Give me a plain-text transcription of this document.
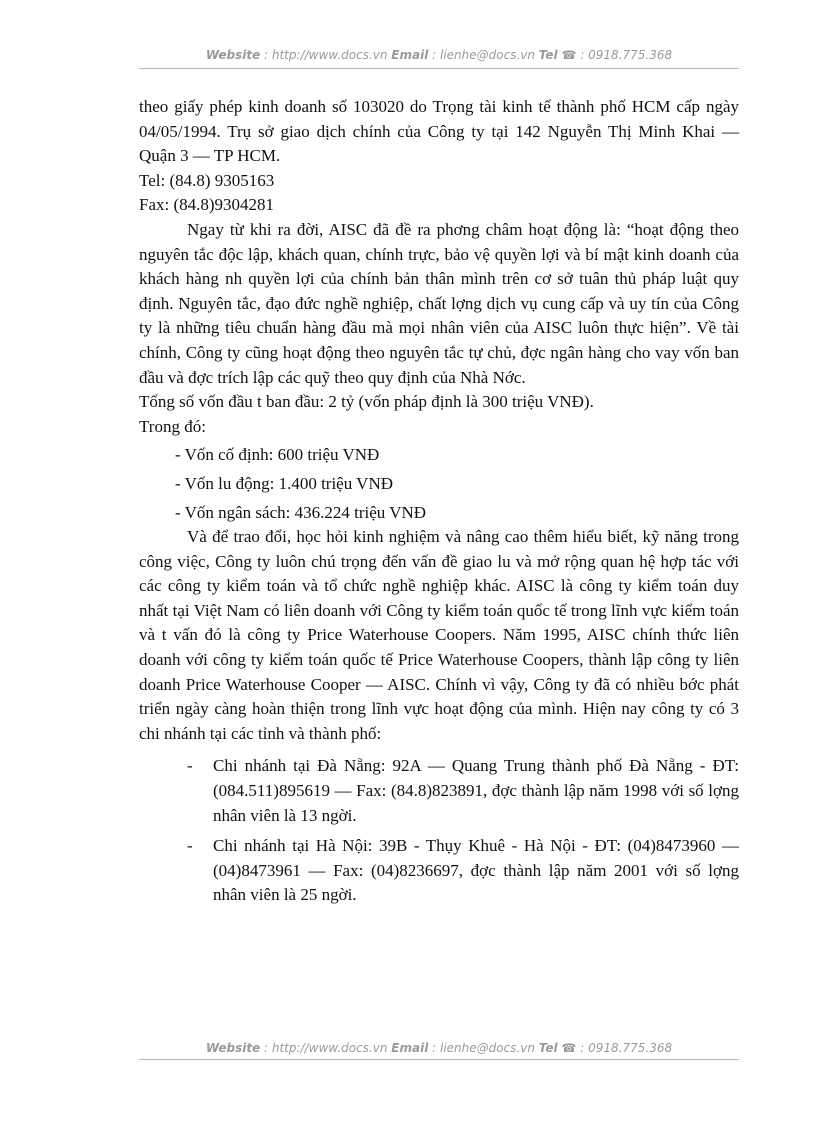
Website : http://www.docs.vn Email : lienhe@docs.vn Tel ☎ : 0918.775.368

theo giấy phép kinh doanh số 103020 do Trọng tài kinh tế thành phố HCM cấp ngày 04/05/1994. Trụ sở giao dịch chính của Công ty tại 142 Nguyễn Thị Minh Khai — Quận 3 — TP HCM.

Tel: (84.8) 9305163

Fax: (84.8)9304281

Ngay từ khi ra đời, AISC đã đề ra phơng châm hoạt động là: “hoạt động theo nguyên tắc độc lập, khách quan, chính trực, bảo vệ quyền lợi và bí mật kinh doanh của khách hàng nh quyền lợi của chính bản thân mình trên cơ sở tuân thủ pháp luật quy định. Nguyên tắc, đạo đức nghề nghiệp, chất lợng dịch vụ cung cấp và uy tín của Công ty là những tiêu chuẩn hàng đầu mà mọi nhân viên của AISC luôn thực hiện”. Về tài chính, Công ty cũng hoạt động theo nguyên tắc tự chủ, đợc ngân hàng cho vay vốn ban đầu và đợc trích lập các quỹ theo quy định của Nhà Nớc.

Tổng số vốn đầu t ban đầu: 2 tỷ (vốn pháp định là 300 triệu VNĐ).

Trong đó:

- Vốn cố định: 600 triệu VNĐ

- Vốn lu động: 1.400 triệu VNĐ

- Vốn ngân sách: 436.224 triệu VNĐ

Và để trao đổi, học hỏi kinh nghiệm và nâng cao thêm hiểu biết, kỹ năng trong công việc, Công ty luôn chú trọng đến vấn đề giao lu và mở rộng quan hệ hợp tác với các công ty kiểm toán và tổ chức nghề nghiệp khác. AISC là công ty kiểm toán duy nhất tại Việt Nam có liên doanh với Công ty kiểm toán quốc tế trong lĩnh vực kiểm toán và t vấn đó là công ty Price Waterhouse Coopers. Năm 1995, AISC chính thức liên doanh với công ty kiểm toán quốc tế Price Waterhouse Coopers, thành lập công ty liên doanh Price Waterhouse Cooper — AISC. Chính vì vậy, Công ty đã có nhiều bớc phát triển ngày càng hoàn thiện trong lĩnh vực hoạt động của mình. Hiện nay công ty có 3 chi nhánh tại các tỉnh và thành phố:

- Chi nhánh tại Đà Nẵng: 92A — Quang Trung thành phố Đà Nẵng - ĐT: (084.511)895619 — Fax: (84.8)823891, đợc thành lập năm 1998 với số lợng nhân viên là 13 ngời.
- Chi nhánh tại Hà Nội: 39B - Thụy Khuê - Hà Nội - ĐT: (04)8473960 — (04)8473961 — Fax: (04)8236697, đợc thành lập năm 2001 với số lợng nhân viên là 25 ngời.
Website : http://www.docs.vn Email : lienhe@docs.vn Tel ☎ : 0918.775.368
